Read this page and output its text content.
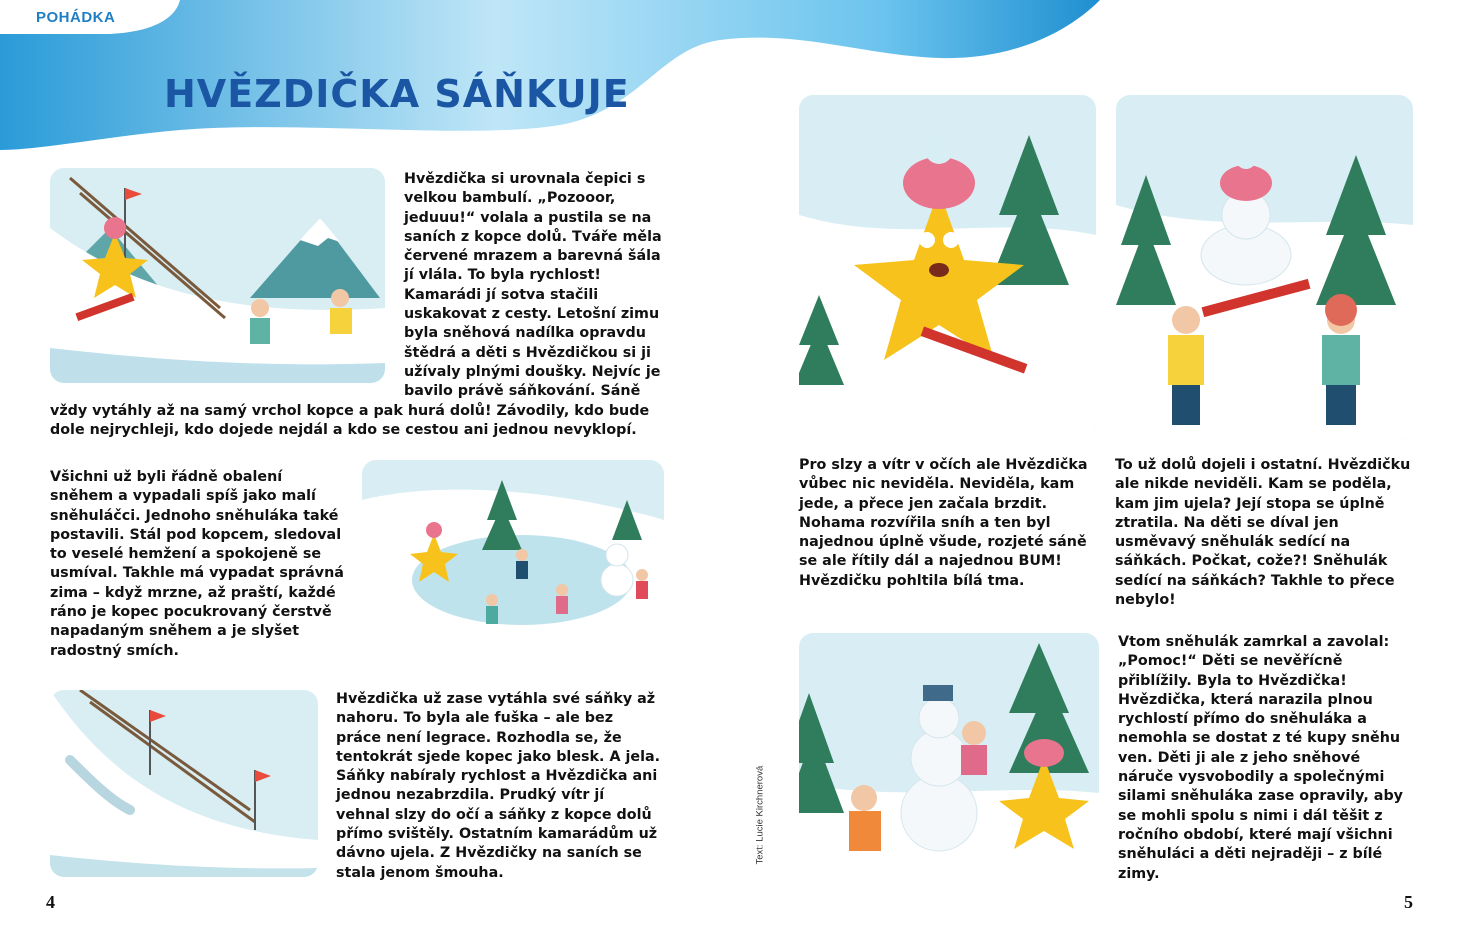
POHÁDKA
HVĚZDIČKA SÁŇKUJE

Hvězdička si urovnala čepici s velkou bambulí. „Pozooor, jeduuu!“ volala a pustila se na saních z kopce dolů. Tváře měla červené mrazem a barevná šála jí vlála. To byla rychlost! Kamarádi jí sotva stačili uskakovat z cesty. Letošní zimu byla sněhová nadílka opravdu štědrá a děti s Hvězdičkou si ji užívaly plnými doušky. Nejvíc je bavilo právě sáňkování. Sáně

vždy vytáhly až na samý vrchol kopce a pak hurá dolů! Závodily, kdo bude dole nejrychleji, kdo dojede nejdál a kdo se cestou ani jednou nevyklopí.

Všichni už byli řádně obalení sněhem a vypadali spíš jako malí sněhuláčci. Jednoho sněhuláka také postavili. Stál pod kopcem, sledoval to veselé hemžení a spokojeně se usmíval. Takhle má vypadat správná zima – když mrzne, až praští, každé ráno je kopec pocukrovaný čerstvě napadaným sněhem a je slyšet radostný smích.

Hvězdička už zase vytáhla své sáňky až nahoru. To byla ale fuška – ale bez práce není legrace. Rozhodla se, že tentokrát sjede kopec jako blesk. A jela. Sáňky nabíraly rychlost a Hvězdička ani jednou nezabrzdila. Prudký vítr jí vehnal slzy do očí a sáňky z kopce dolů přímo svištěly. Ostatním kamarádům už dávno ujela. Z Hvězdičky na saních se stala jenom šmouha.

4
Text: Lucie Kirchnerová

Pro slzy a vítr v očích ale Hvězdička vůbec nic neviděla. Neviděla, kam jede, a přece jen začala brzdit. Nohama rozvířila sníh a ten byl najednou úplně všude, rozjeté sáně se ale řítily dál a najednou BUM! Hvězdičku pohltila bílá tma.

To už dolů dojeli i ostatní. Hvězdičku ale nikde neviděli. Kam se poděla, kam jim ujela? Její stopa se úplně ztratila. Na děti se díval jen usměvavý sněhulák sedící na sáňkách. Počkat, cože?! Sněhulák sedící na sáňkách? Takhle to přece nebylo!

Vtom sněhulák zamrkal a zavolal: „Pomoc!“ Děti se nevěřícně přiblížily. Byla to Hvězdička! Hvězdička, která narazila plnou rychlostí přímo do sněhuláka a nemohla se dostat z té kupy sněhu ven. Děti ji ale z jeho sněhové náruče vysvobodily a společnými silami sněhuláka zase opravily, aby se mohli spolu s nimi i dál těšit z ročního období, které mají všichni sněhuláci a děti nejraději – z bílé zimy.

5
